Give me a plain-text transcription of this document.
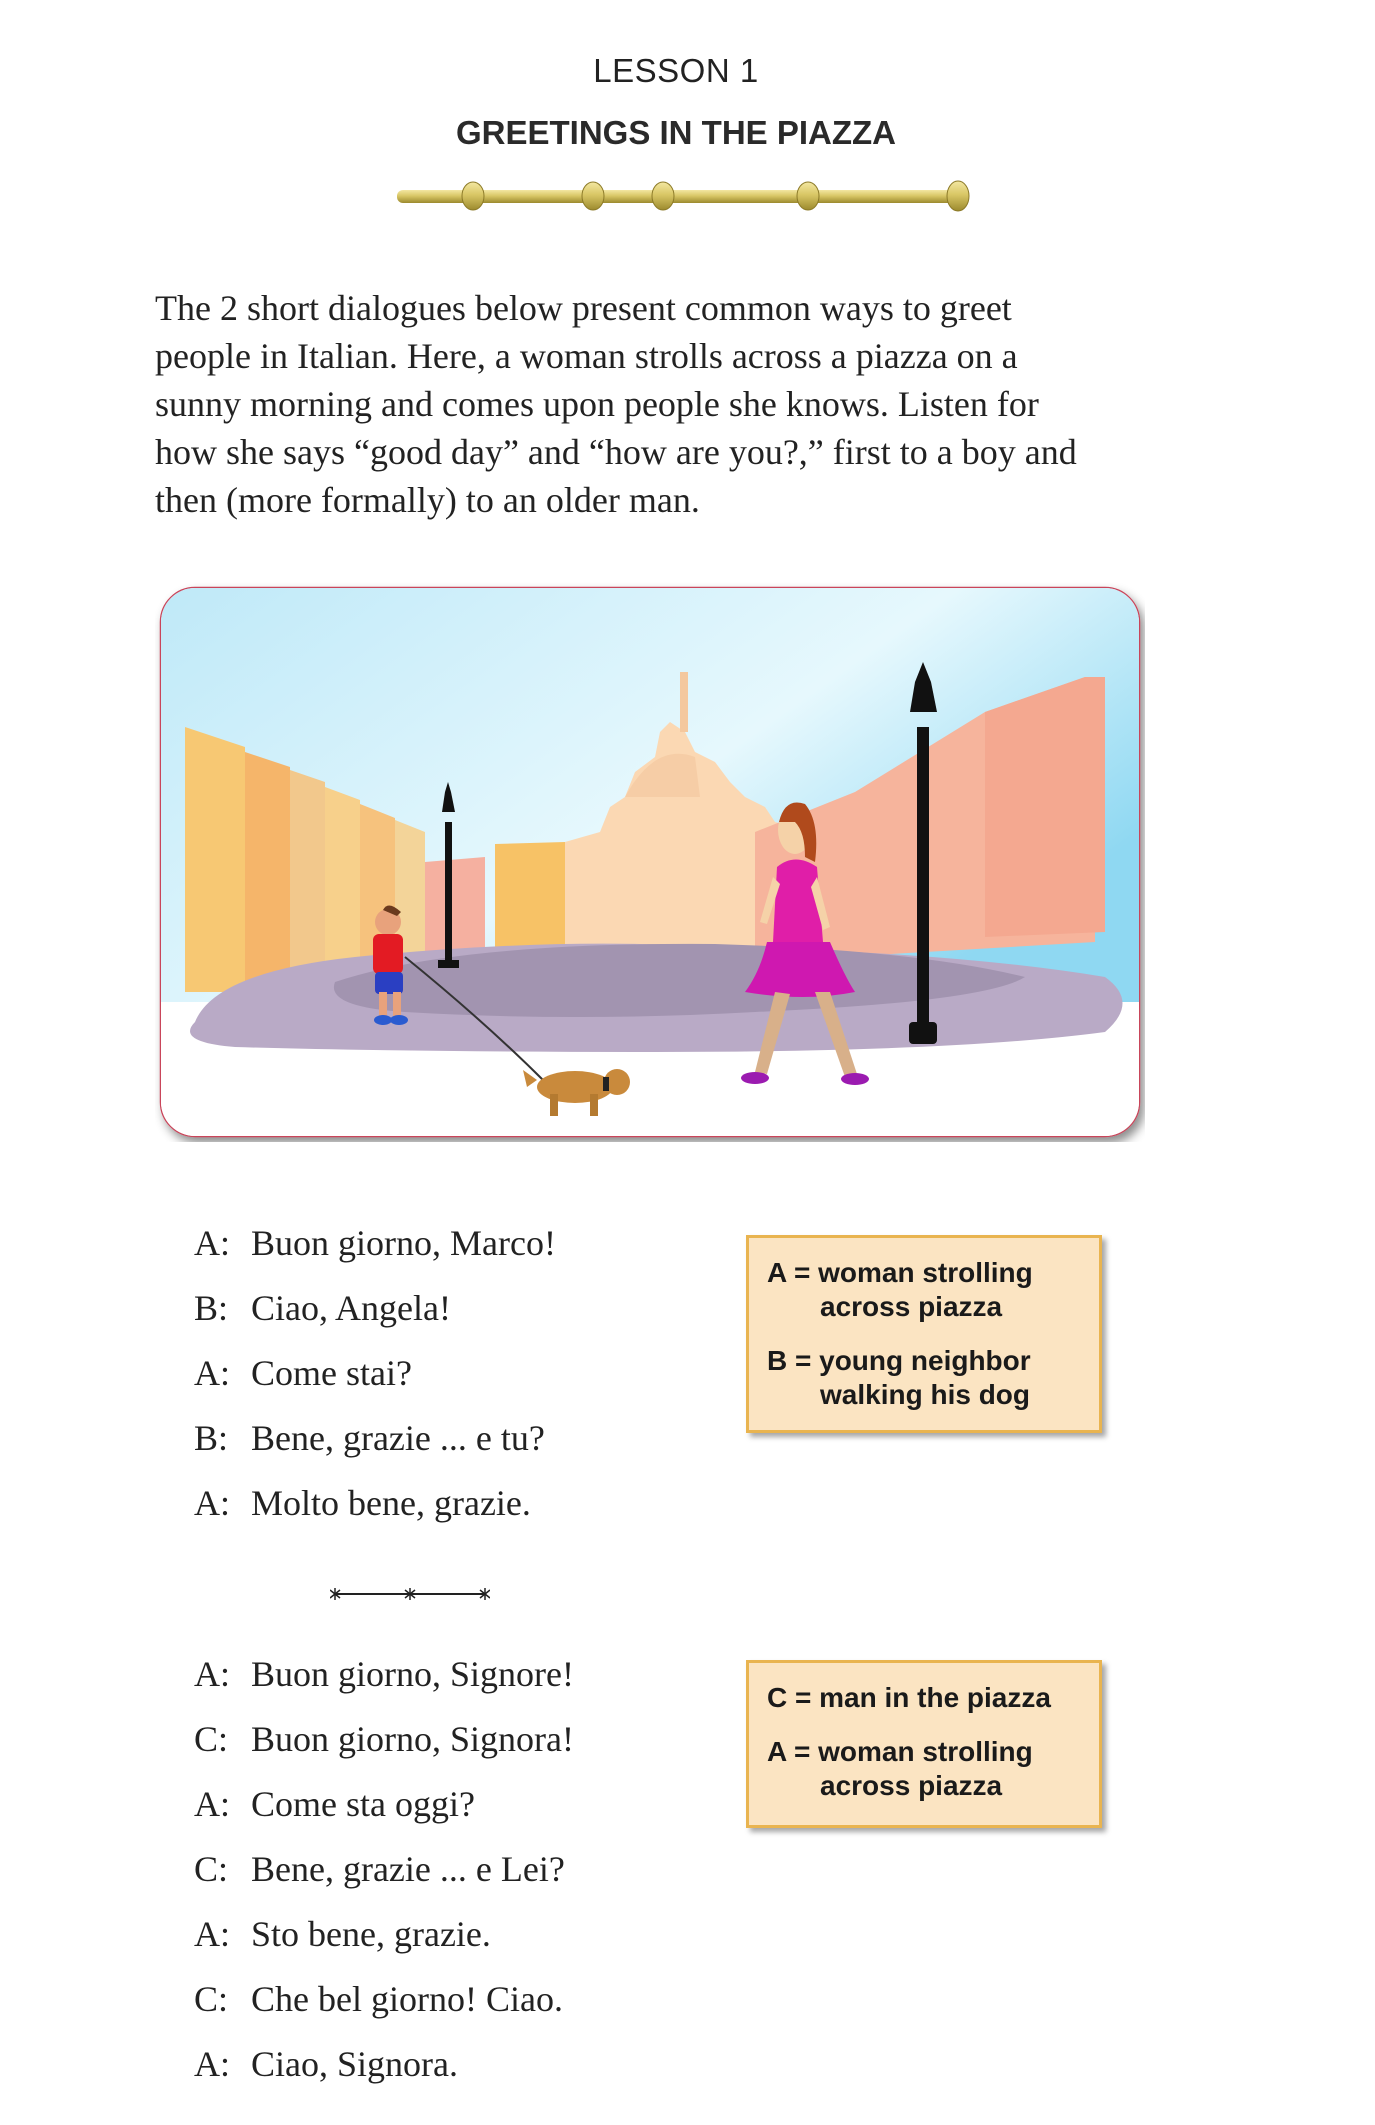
LESSON 1
GREETINGS IN THE PIAZZA
The 2 short dialogues below present common ways to greet
people in Italian. Here, a woman strolls across a piazza on a
sunny morning and comes upon people she knows. Listen for
how she says “good day” and “how are you?,” first to a boy and
then (more formally) to an older man.
A: Buon giorno, Marco!
B: Ciao, Angela!
A: Come stai?
B: Bene, grazie ... e tu?
A: Molto bene, grazie.
A = woman strolling
across piazza
B = young neighbor
walking his dog
A: Buon giorno, Signore!
C: Buon giorno, Signora!
A: Come sta oggi?
C: Bene, grazie ... e Lei?
A: Sto bene, grazie.
C: Che bel giorno! Ciao.
A: Ciao, Signora.
C = man in the piazza
A = woman strolling
across piazza
